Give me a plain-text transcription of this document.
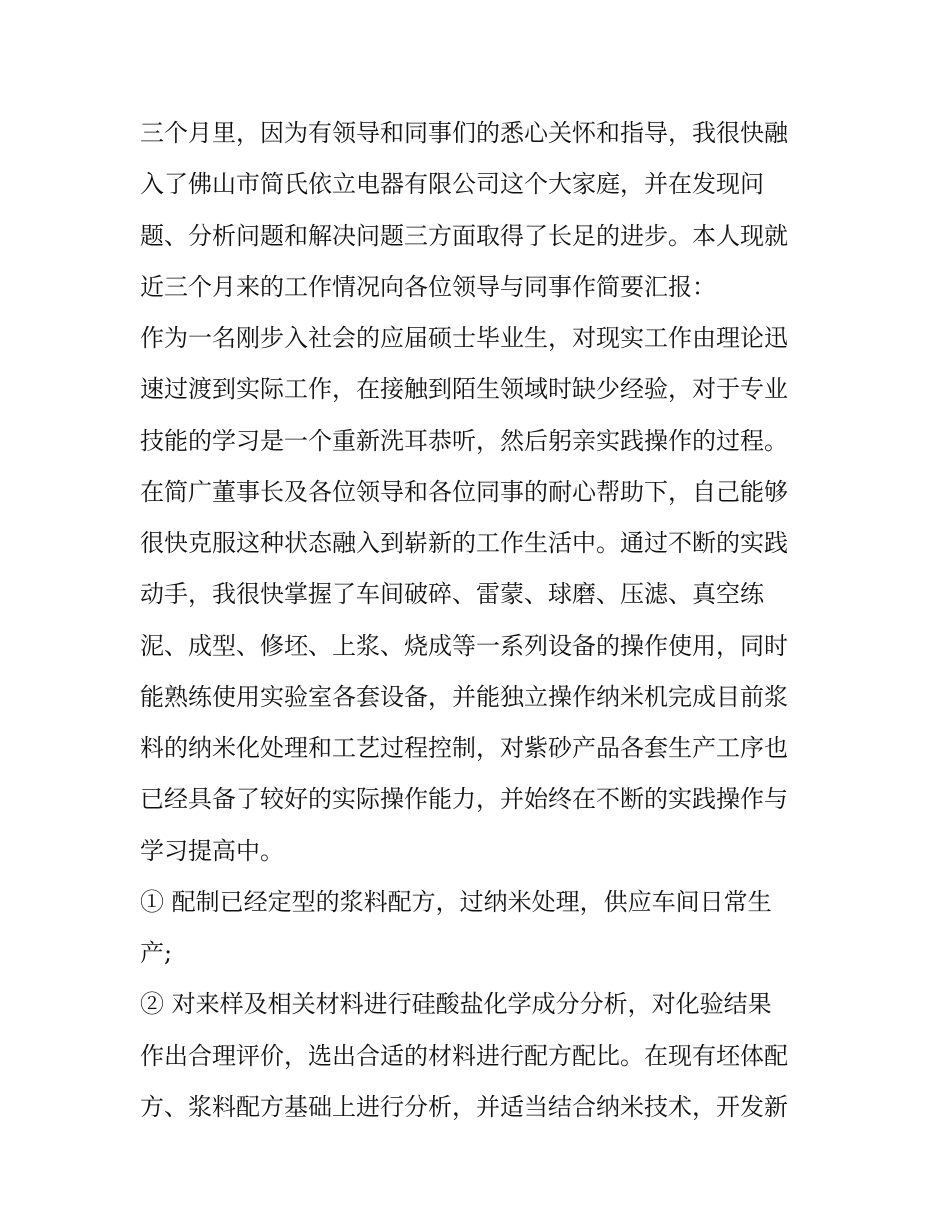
三个月里，因为有领导和同事们的悉心关怀和指导，我很快融
入了佛山市简氏依立电器有限公司这个大家庭，并在发现问
题、分析问题和解决问题三方面取得了长足的进步。本人现就
近三个月来的工作情况向各位领导与同事作简要汇报：
作为一名刚步入社会的应届硕士毕业生，对现实工作由理论迅
速过渡到实际工作，在接触到陌生领域时缺少经验，对于专业
技能的学习是一个重新洗耳恭听，然后躬亲实践操作的过程。
在简广董事长及各位领导和各位同事的耐心帮助下，自己能够
很快克服这种状态融入到崭新的工作生活中。通过不断的实践
动手，我很快掌握了车间破碎、雷蒙、球磨、压滤、真空练
泥、成型、修坯、上浆、烧成等一系列设备的操作使用，同时
能熟练使用实验室各套设备，并能独立操作纳米机完成目前浆
料的纳米化处理和工艺过程控制，对紫砂产品各套生产工序也
已经具备了较好的实际操作能力，并始终在不断的实践操作与
学习提高中。
① 配制已经定型的浆料配方，过纳米处理，供应车间日常生
产;
② 对来样及相关材料进行硅酸盐化学成分分析，对化验结果
作出合理评价，选出合适的材料进行配方配比。在现有坯体配
方、浆料配方基础上进行分析，并适当结合纳米技术，开发新
